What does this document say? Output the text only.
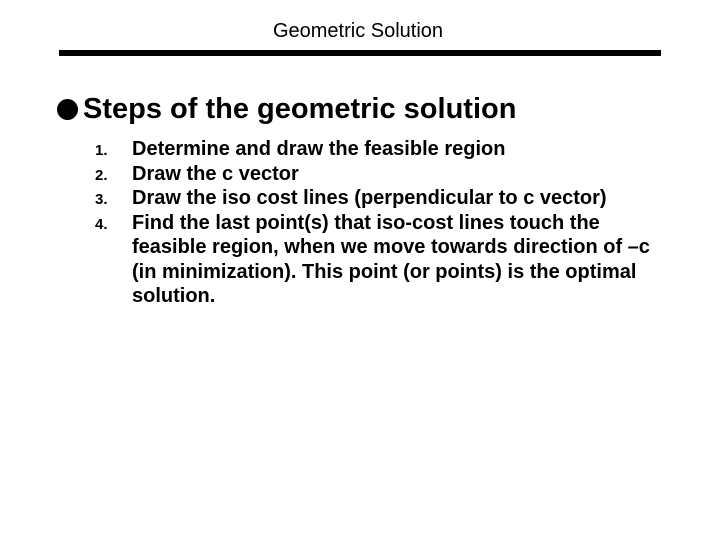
Geometric Solution
Steps of the geometric solution
1. Determine and draw the feasible region
2. Draw the c vector
3. Draw the iso cost lines (perpendicular to c vector)
4. Find the last point(s) that iso-cost lines touch the feasible region, when we move towards direction of –c (in minimization). This point (or points) is the optimal solution.
